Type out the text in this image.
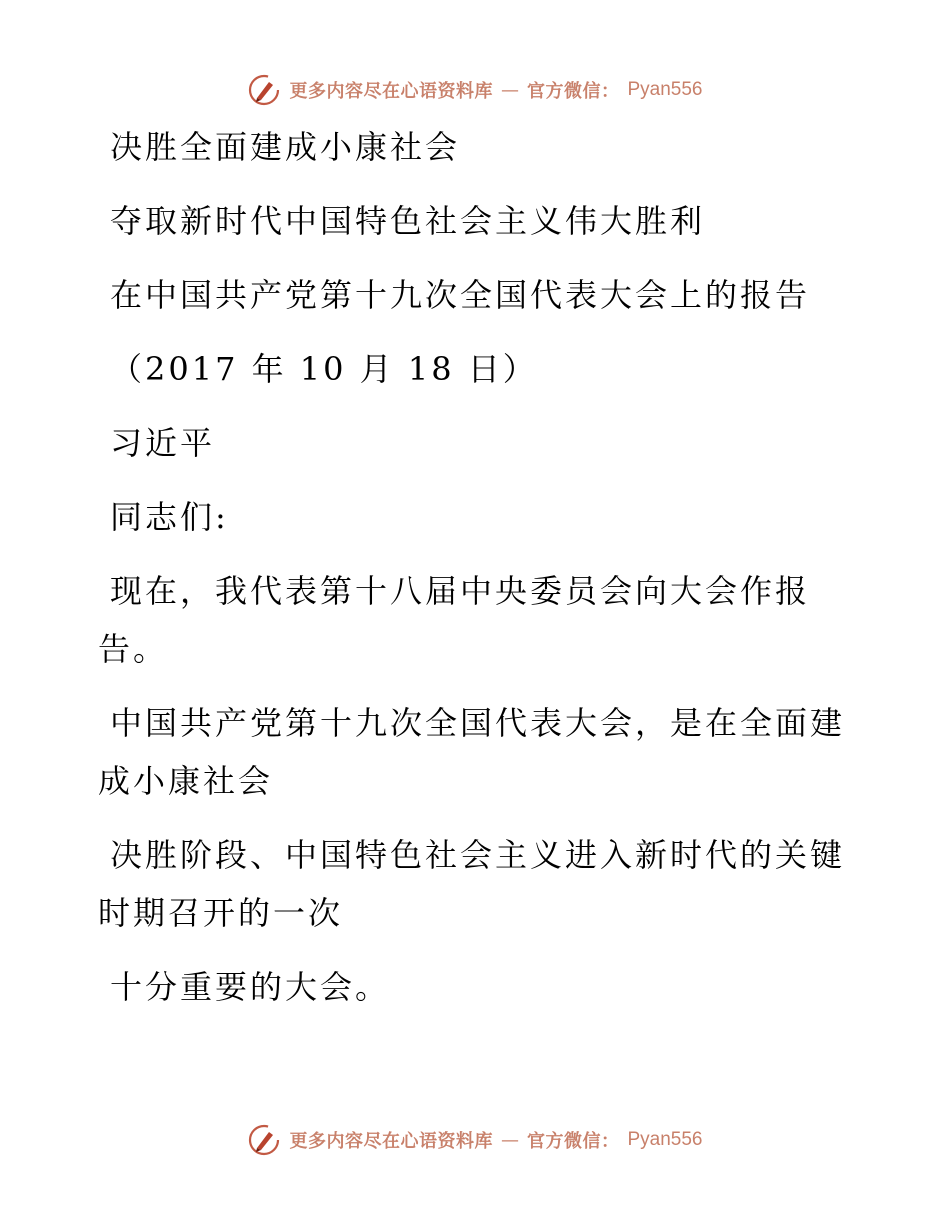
更多内容尽在心语资料库 — 官方微信： Pyan556

决胜全面建成小康社会

夺取新时代中国特色社会主义伟大胜利

在中国共产党第十九次全国代表大会上的报告

（2017 年 10 月 18 日）

习近平

同志们:

现在，我代表第十八届中央委员会向大会作报

告。

中国共产党第十九次全国代表大会，是在全面建

成小康社会

决胜阶段、中国特色社会主义进入新时代的关键

时期召开的一次

十分重要的大会。

更多内容尽在心语资料库 — 官方微信： Pyan556
